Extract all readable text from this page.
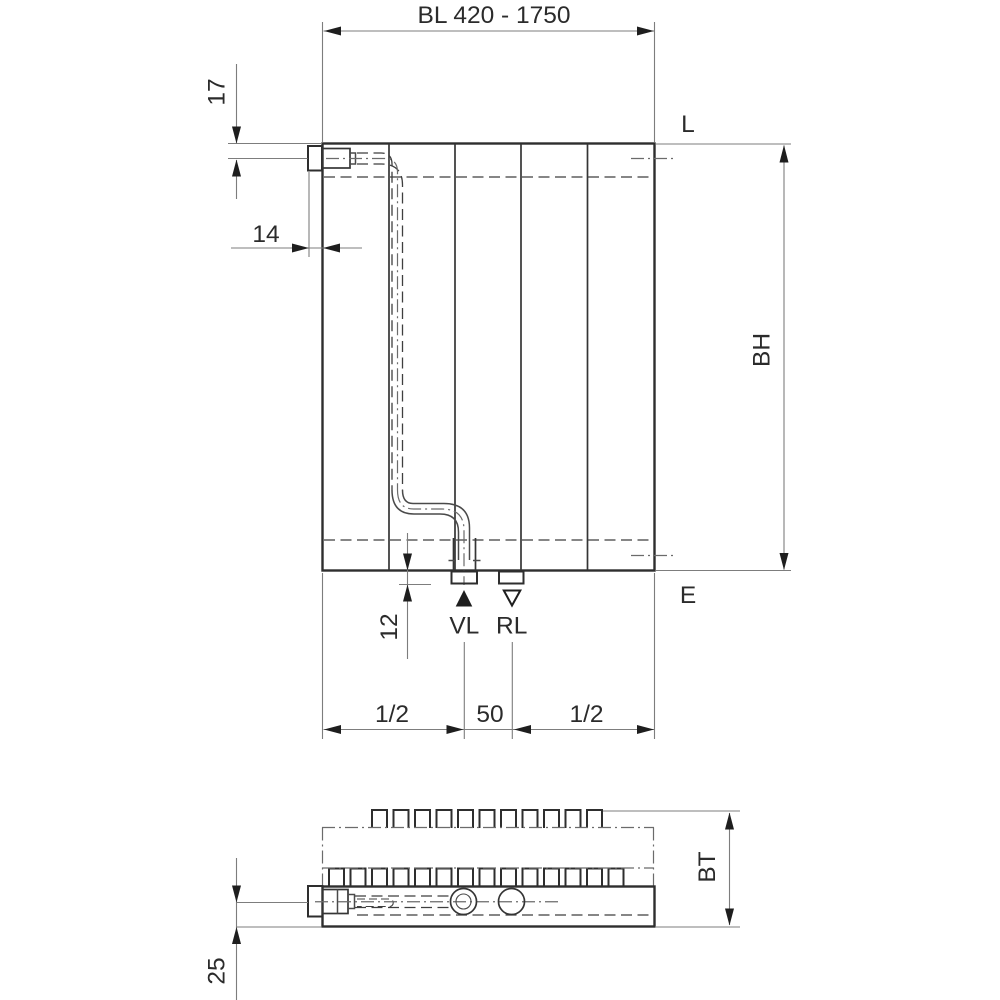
VL RL
L
E
BL 420 - 1750
17
14
BH
12
1/2	50	1/2
BT
25
